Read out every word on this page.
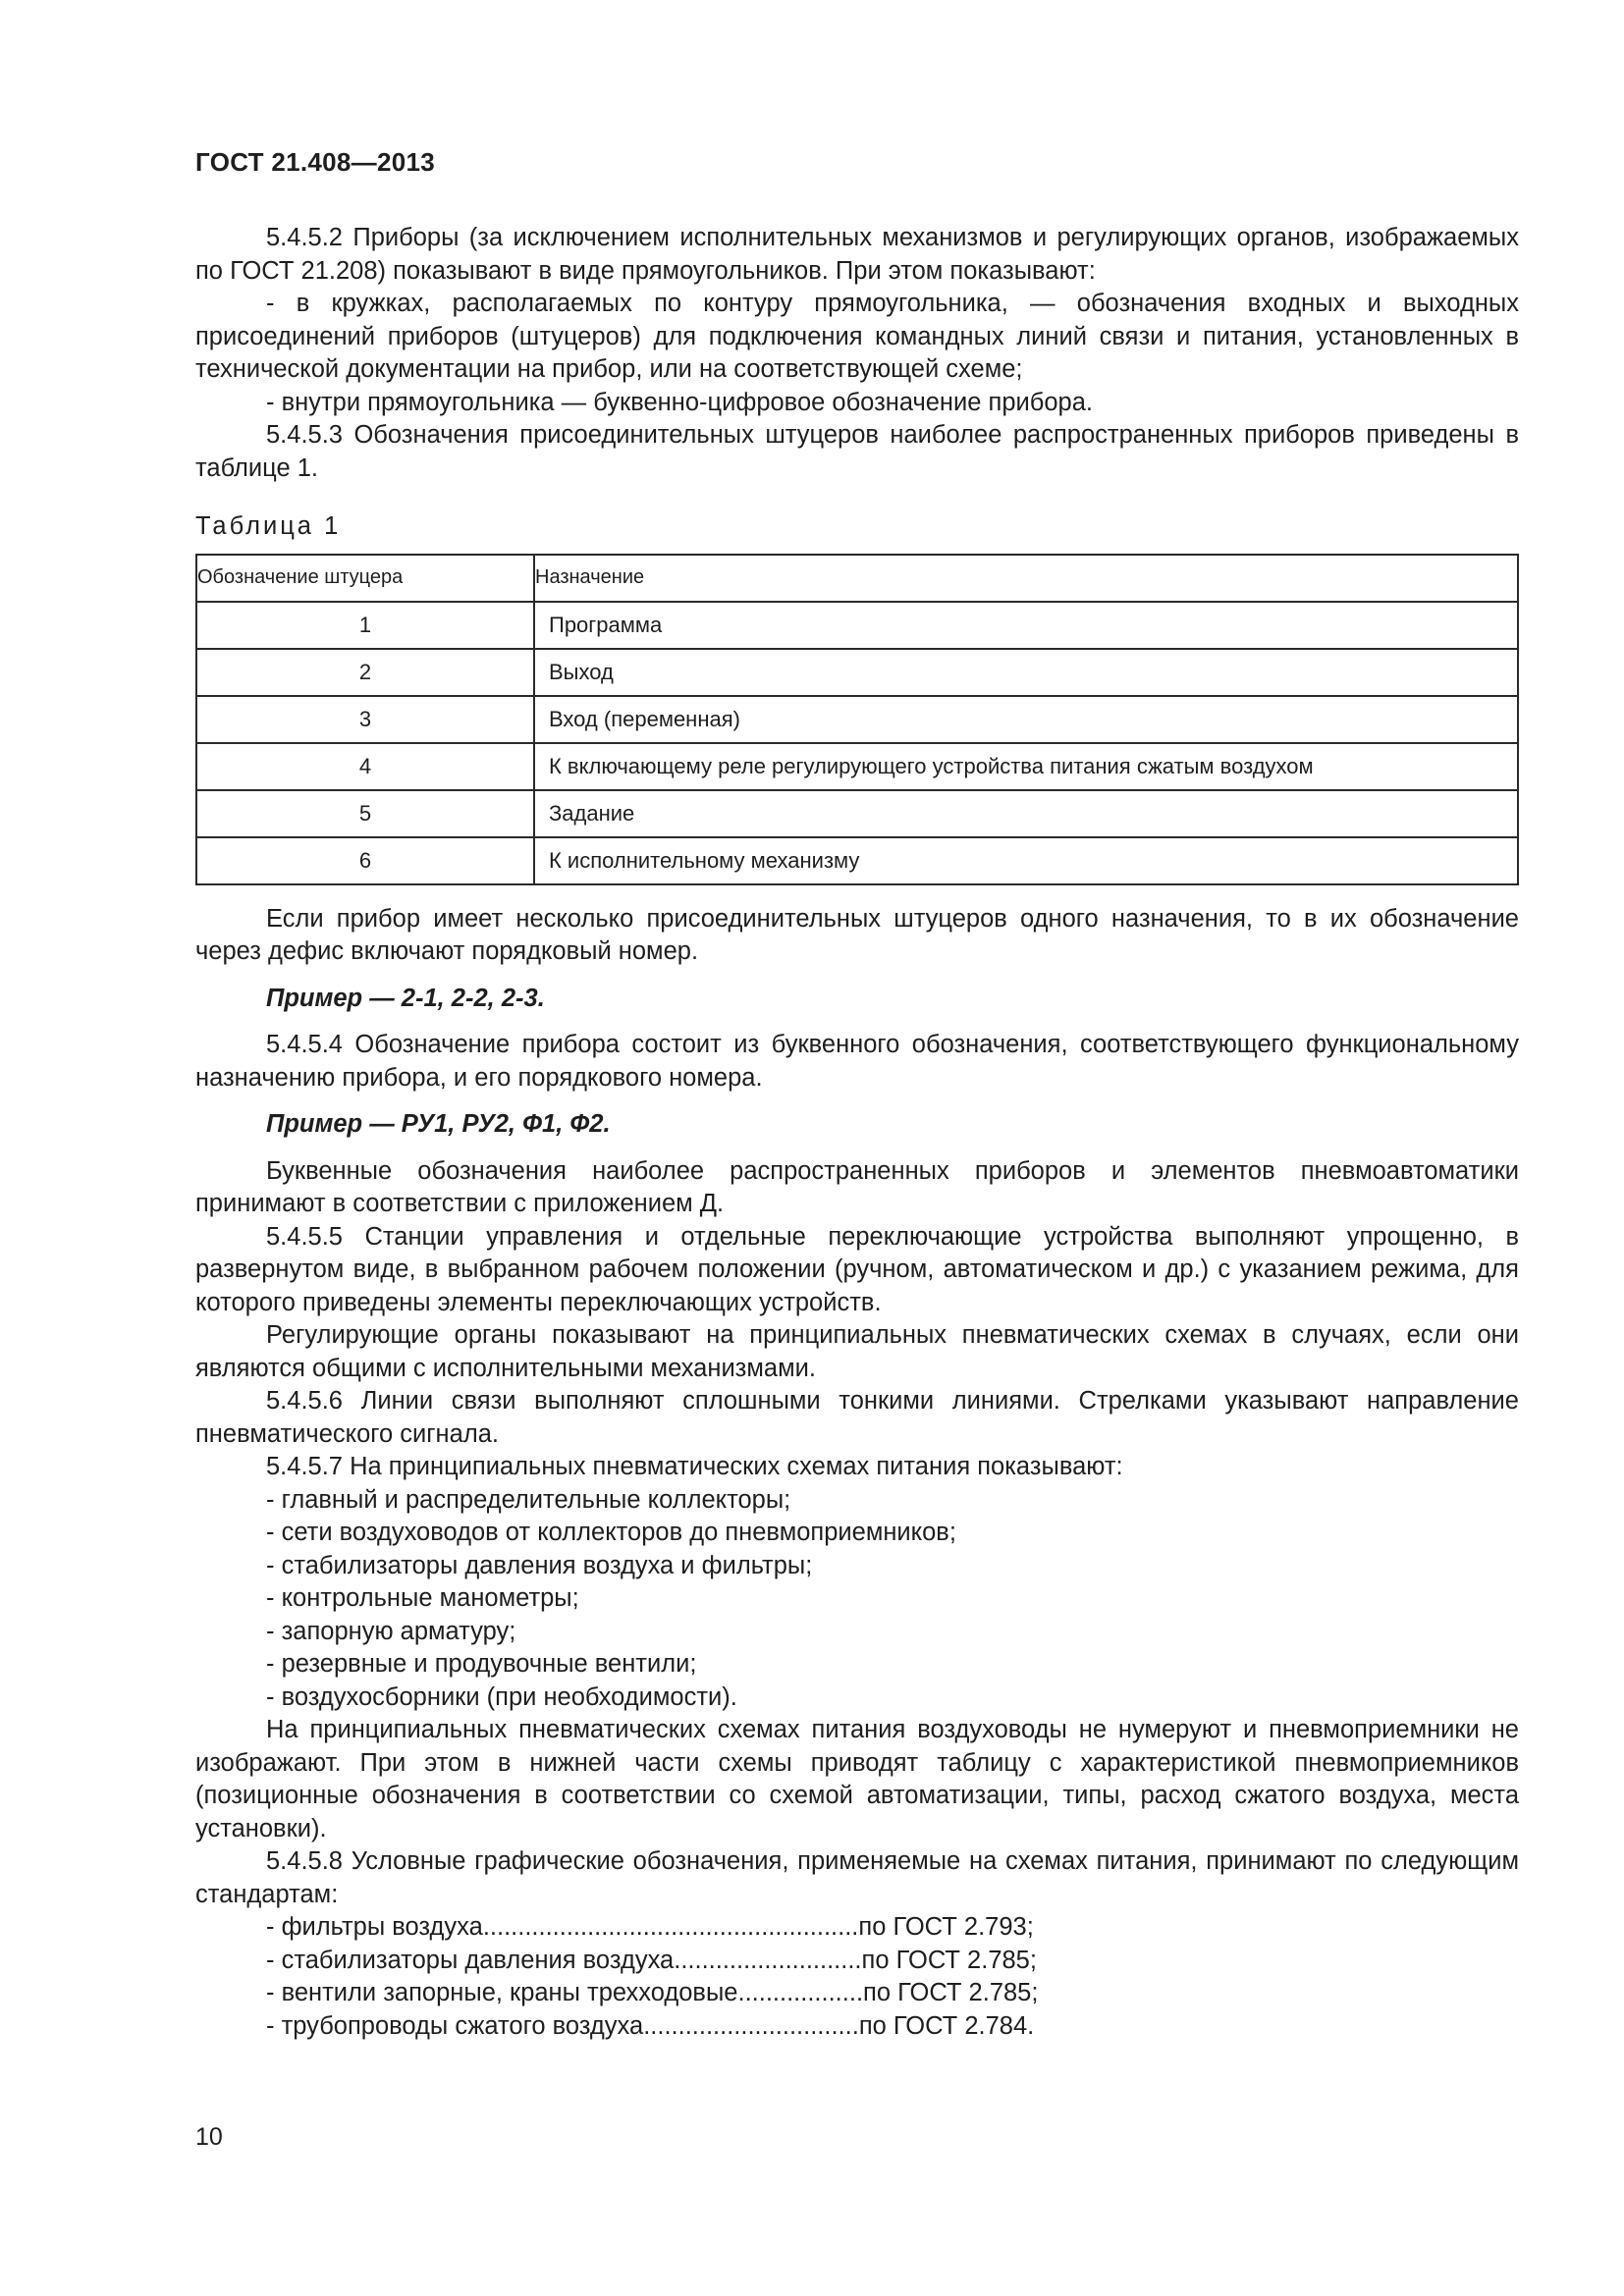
ГОСТ 21.408—2013

5.4.5.2 Приборы (за исключением исполнительных механизмов и регулирующих органов, изображаемых по ГОСТ 21.208) показывают в виде прямоугольников. При этом показывают:

- в кружках, располагаемых по контуру прямоугольника, — обозначения входных и выходных присоединений приборов (штуцеров) для подключения командных линий связи и питания, установленных в технической документации на прибор, или на соответствующей схеме;

- внутри прямоугольника — буквенно-цифровое обозначение прибора.

5.4.5.3 Обозначения присоединительных штуцеров наиболее распространенных приборов приведены в таблице 1.

Таблица 1

Обозначение штуцера	Назначение
1	Программа
2	Выход
3	Вход (переменная)
4	К включающему реле регулирующего устройства питания сжатым воздухом
5	Задание
6	К исполнительному механизму

Если прибор имеет несколько присоединительных штуцеров одного назначения, то в их обозначение через дефис включают порядковый номер.

Пример — 2-1, 2-2, 2-3.

5.4.5.4 Обозначение прибора состоит из буквенного обозначения, соответствующего функциональному назначению прибора, и его порядкового номера.

Пример — РУ1, РУ2, Ф1, Ф2.

Буквенные обозначения наиболее распространенных приборов и элементов пневмоавтоматики принимают в соответствии с приложением Д.

5.4.5.5 Станции управления и отдельные переключающие устройства выполняют упрощенно, в развернутом виде, в выбранном рабочем положении (ручном, автоматическом и др.) с указанием режима, для которого приведены элементы переключающих устройств.

Регулирующие органы показывают на принципиальных пневматических схемах в случаях, если они являются общими с исполнительными механизмами.

5.4.5.6 Линии связи выполняют сплошными тонкими линиями. Стрелками указывают направление пневматического сигнала.

5.4.5.7 На принципиальных пневматических схемах питания показывают:

- главный и распределительные коллекторы;

- сети воздуховодов от коллекторов до пневмоприемников;

- стабилизаторы давления воздуха и фильтры;

- контрольные манометры;

- запорную арматуру;

- резервные и продувочные вентили;

- воздухосборники (при необходимости).

На принципиальных пневматических схемах питания воздуховоды не нумеруют и пневмоприемники не изображают. При этом в нижней части схемы приводят таблицу с характеристикой пневмоприемников (позиционные обозначения в соответствии со схемой автоматизации, типы, расход сжатого воздуха, места установки).

5.4.5.8 Условные графические обозначения, применяемые на схемах питания, принимают по следующим стандартам:

- фильтры воздуха ...................................................... по ГОСТ 2.793;
- стабилизаторы давления воздуха ........................... по ГОСТ 2.785;
- вентили запорные, краны трехходовые .................. по ГОСТ 2.785;
- трубопроводы сжатого воздуха ............................... по ГОСТ 2.784.
10
